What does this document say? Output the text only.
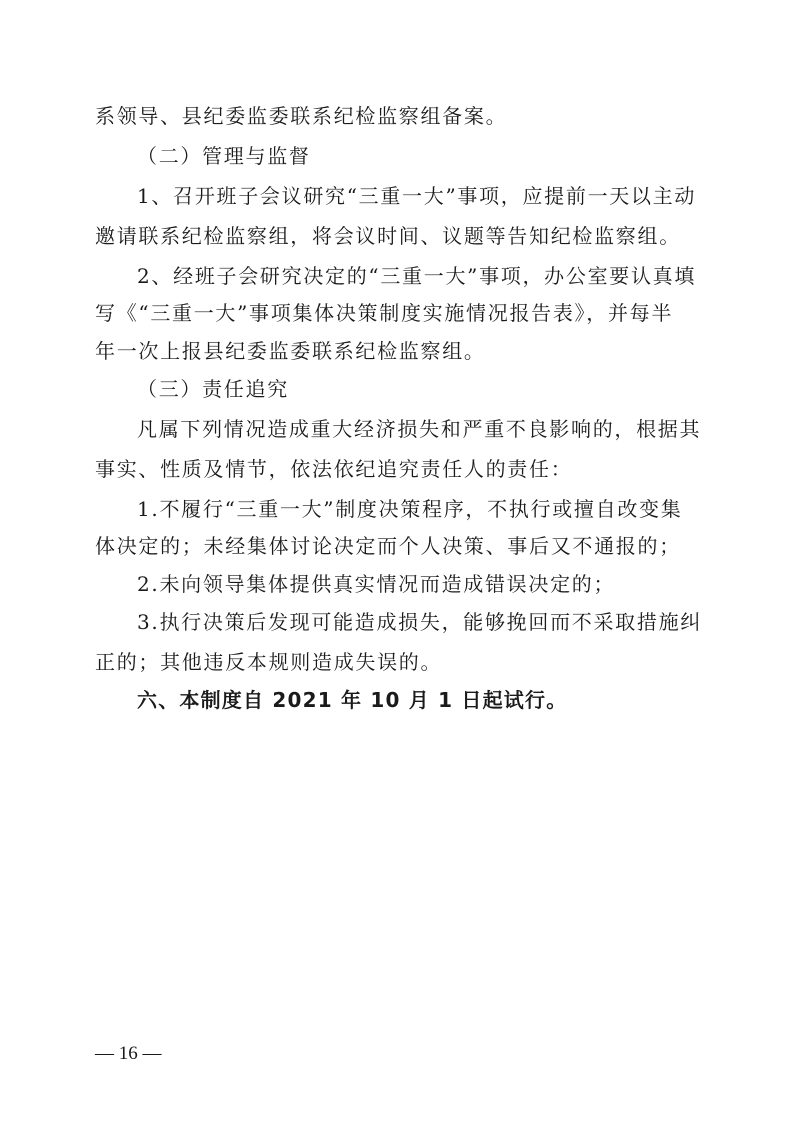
系领导、县纪委监委联系纪检监察组备案。
（二）管理与监督
1、召开班子会议研究“三重一大”事项，应提前一天以主动
邀请联系纪检监察组，将会议时间、议题等告知纪检监察组。
2、经班子会研究决定的“三重一大”事项，办公室要认真填
写《“三重一大”事项集体决策制度实施情况报告表》，并每半
年一次上报县纪委监委联系纪检监察组。
（三）责任追究
凡属下列情况造成重大经济损失和严重不良影响的，根据其
事实、性质及情节，依法依纪追究责任人的责任：
1.不履行“三重一大”制度决策程序，不执行或擅自改变集
体决定的；未经集体讨论决定而个人决策、事后又不通报的；
2.未向领导集体提供真实情况而造成错误决定的；
3.执行决策后发现可能造成损失，能够挽回而不采取措施纠
正的；其他违反本规则造成失误的。
六、本制度自 2021 年 10 月 1 日起试行。
— 16 —
